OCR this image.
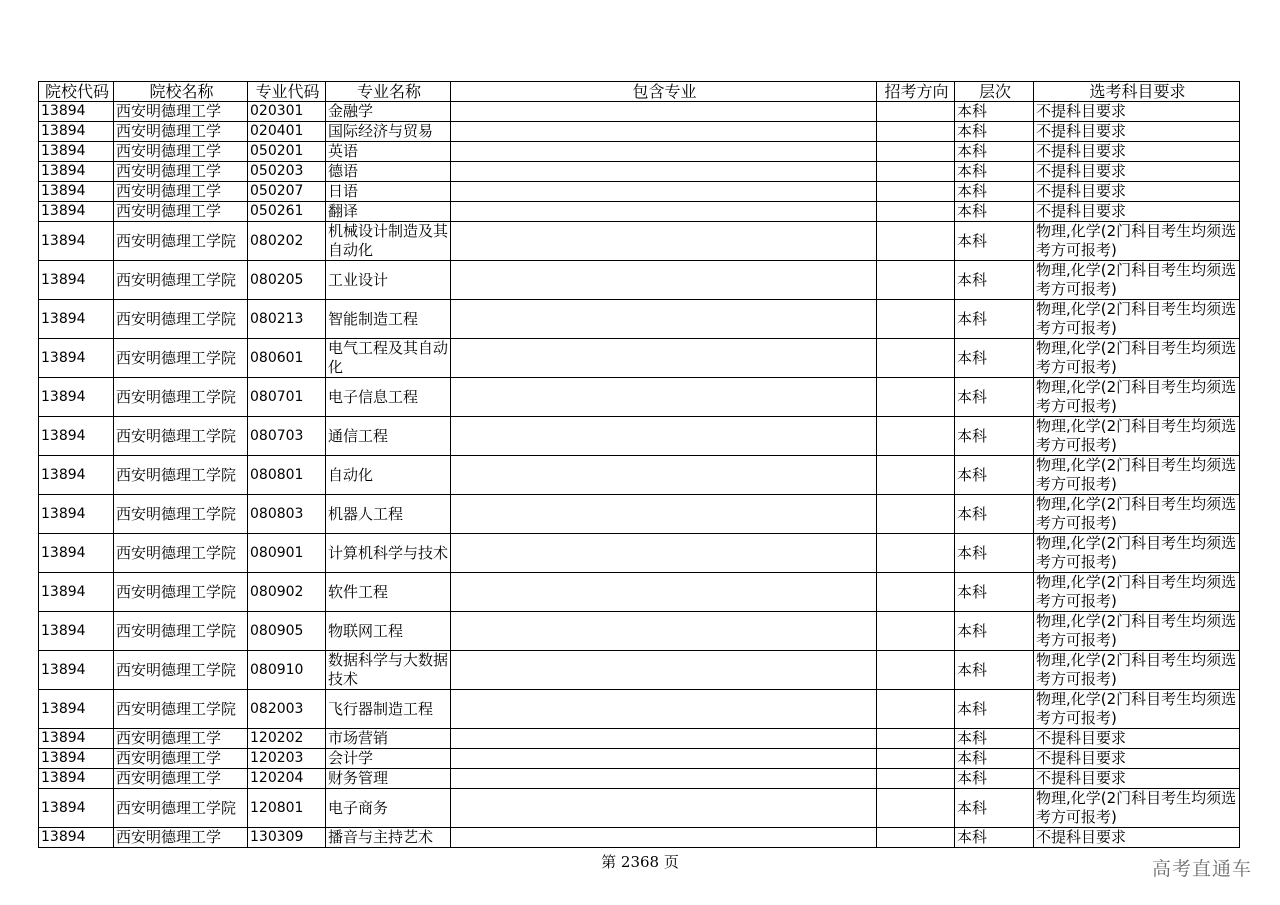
院校代码	院校名称	专业代码	专业名称	包含专业	招考方向	层次	选考科目要求
13894	西安明德理工学	020301	金融学			本科	不提科目要求
13894	西安明德理工学	020401	国际经济与贸易			本科	不提科目要求
13894	西安明德理工学	050201	英语			本科	不提科目要求
13894	西安明德理工学	050203	德语			本科	不提科目要求
13894	西安明德理工学	050207	日语			本科	不提科目要求
13894	西安明德理工学	050261	翻译			本科	不提科目要求
13894	西安明德理工学院	080202	机械设计制造及其自动化			本科	物理,化学(2门科目考生均须选考方可报考)
13894	西安明德理工学院	080205	工业设计			本科	物理,化学(2门科目考生均须选考方可报考)
13894	西安明德理工学院	080213	智能制造工程			本科	物理,化学(2门科目考生均须选考方可报考)
13894	西安明德理工学院	080601	电气工程及其自动化			本科	物理,化学(2门科目考生均须选考方可报考)
13894	西安明德理工学院	080701	电子信息工程			本科	物理,化学(2门科目考生均须选考方可报考)
13894	西安明德理工学院	080703	通信工程			本科	物理,化学(2门科目考生均须选考方可报考)
13894	西安明德理工学院	080801	自动化			本科	物理,化学(2门科目考生均须选考方可报考)
13894	西安明德理工学院	080803	机器人工程			本科	物理,化学(2门科目考生均须选考方可报考)
13894	西安明德理工学院	080901	计算机科学与技术			本科	物理,化学(2门科目考生均须选考方可报考)
13894	西安明德理工学院	080902	软件工程			本科	物理,化学(2门科目考生均须选考方可报考)
13894	西安明德理工学院	080905	物联网工程			本科	物理,化学(2门科目考生均须选考方可报考)
13894	西安明德理工学院	080910	数据科学与大数据技术			本科	物理,化学(2门科目考生均须选考方可报考)
13894	西安明德理工学院	082003	飞行器制造工程			本科	物理,化学(2门科目考生均须选考方可报考)
13894	西安明德理工学	120202	市场营销			本科	不提科目要求
13894	西安明德理工学	120203	会计学			本科	不提科目要求
13894	西安明德理工学	120204	财务管理			本科	不提科目要求
13894	西安明德理工学院	120801	电子商务			本科	物理,化学(2门科目考生均须选考方可报考)
13894	西安明德理工学	130309	播音与主持艺术			本科	不提科目要求
第 2368 页	高考直通车
